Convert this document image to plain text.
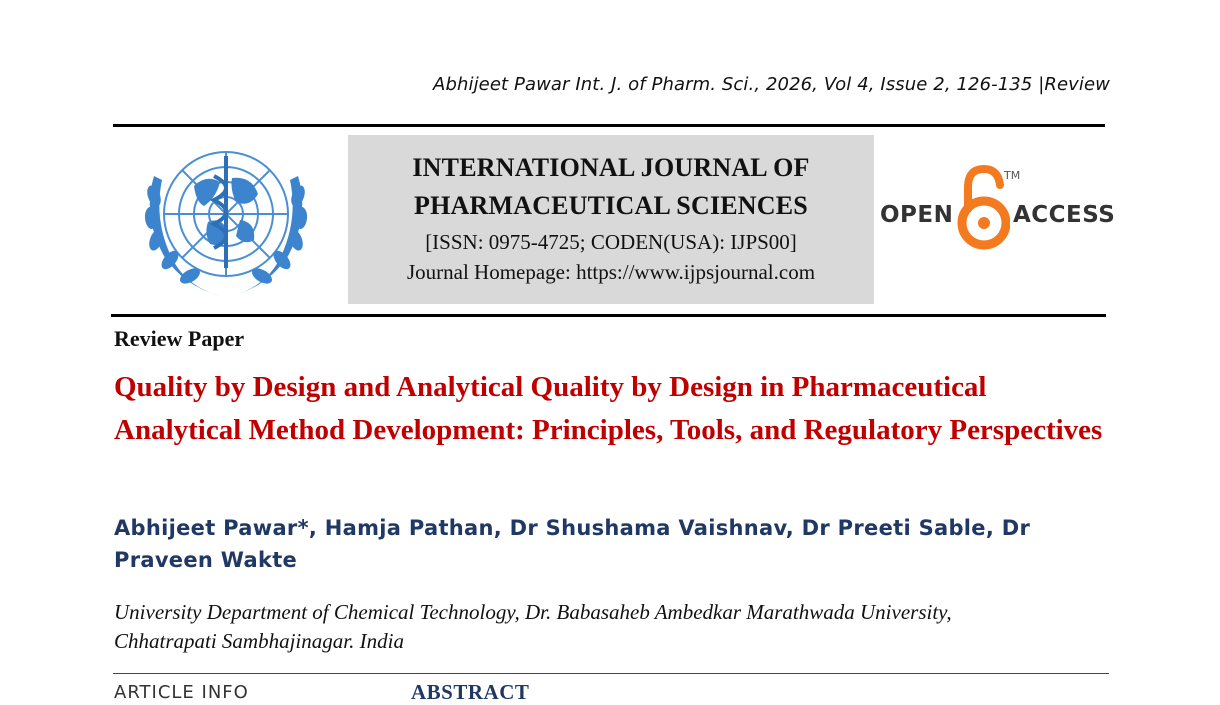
Abhijeet Pawar Int. J. of Pharm. Sci., 2026, Vol 4, Issue 2, 126-135 |Review
INTERNATIONAL JOURNAL OF
PHARMACEUTICAL SCIENCES
[ISSN: 0975-4725; CODEN(USA): IJPS00]
Journal Homepage: https://www.ijpsjournal.com
OPEN
TM
ACCESS
Review Paper
Quality by Design and Analytical Quality by Design in Pharmaceutical Analytical Method Development: Principles, Tools, and Regulatory Perspectives
Abhijeet Pawar*, Hamja Pathan, Dr Shushama Vaishnav, Dr Preeti Sable, Dr
Praveen Wakte
University Department of Chemical Technology, Dr. Babasaheb Ambedkar Marathwada University,
Chhatrapati Sambhajinagar. India
ARTICLE INFO	ABSTRACT
